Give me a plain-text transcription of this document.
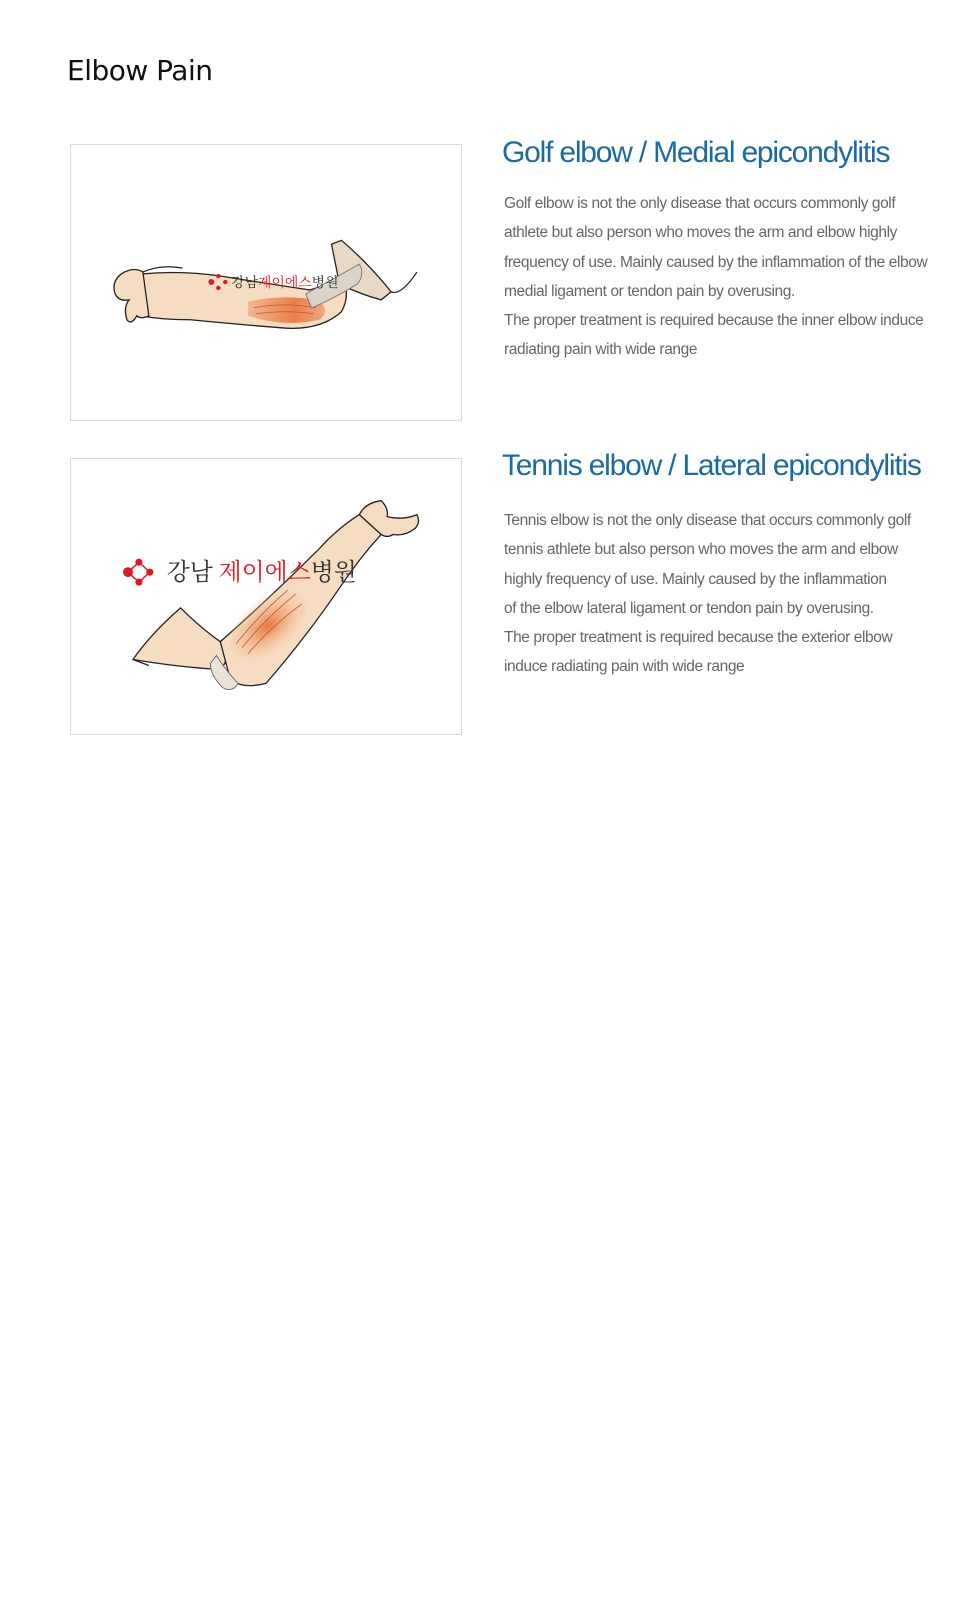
Elbow Pain
강남제이에스병원
Golf elbow / Medial epicondylitis

Golf elbow is not the only disease that occurs commonly golf
athlete but also person who moves the arm and elbow highly
frequency of use. Mainly caused by the inflammation of the elbow
medial ligament or tendon pain by overusing.
The proper treatment is required because the inner elbow induce
radiating pain with wide range

강남 제이에스병원
Tennis elbow / Lateral epicondylitis

Tennis elbow is not the only disease that occurs commonly golf
tennis athlete but also person who moves the arm and elbow
highly frequency of use. Mainly caused by the inflammation
of the elbow lateral ligament or tendon pain by overusing.
The proper treatment is required because the exterior elbow
induce radiating pain with wide range
